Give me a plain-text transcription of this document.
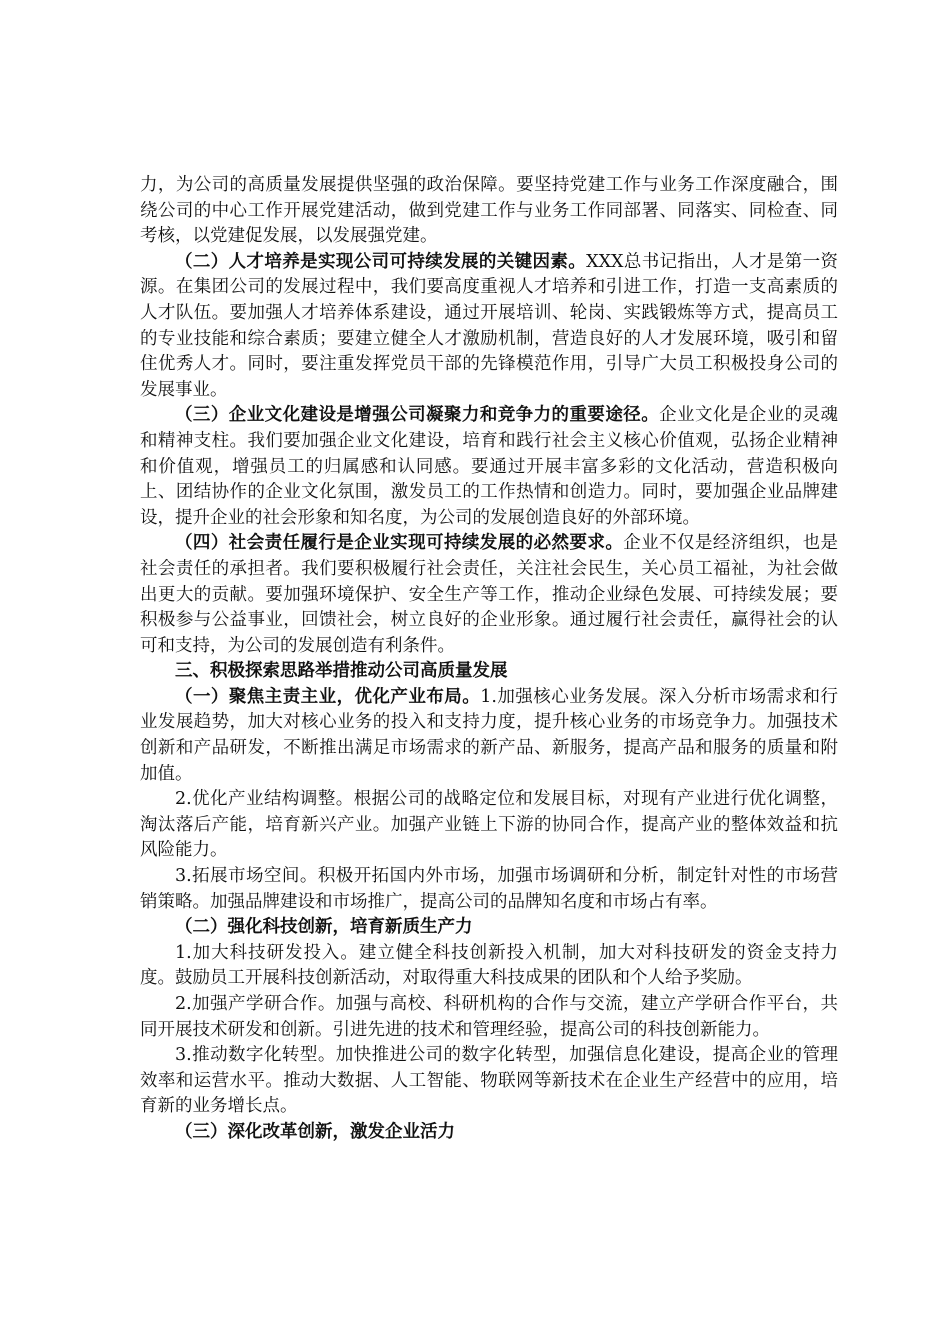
力，为公司的高质量发展提供坚强的政治保障。要坚持党建工作与业务工作深度融合，围绕公司的中心工作开展党建活动，做到党建工作与业务工作同部署、同落实、同检查、同考核，以党建促发展，以发展强党建。

（二）人才培养是实现公司可持续发展的关键因素。XXX总书记指出，人才是第一资源。在集团公司的发展过程中，我们要高度重视人才培养和引进工作，打造一支高素质的人才队伍。要加强人才培养体系建设，通过开展培训、轮岗、实践锻炼等方式，提高员工的专业技能和综合素质；要建立健全人才激励机制，营造良好的人才发展环境，吸引和留住优秀人才。同时，要注重发挥党员干部的先锋模范作用，引导广大员工积极投身公司的发展事业。

（三）企业文化建设是增强公司凝聚力和竞争力的重要途径。企业文化是企业的灵魂和精神支柱。我们要加强企业文化建设，培育和践行社会主义核心价值观，弘扬企业精神和价值观，增强员工的归属感和认同感。要通过开展丰富多彩的文化活动，营造积极向上、团结协作的企业文化氛围，激发员工的工作热情和创造力。同时，要加强企业品牌建设，提升企业的社会形象和知名度，为公司的发展创造良好的外部环境。

（四）社会责任履行是企业实现可持续发展的必然要求。企业不仅是经济组织，也是社会责任的承担者。我们要积极履行社会责任，关注社会民生，关心员工福祉，为社会做出更大的贡献。要加强环境保护、安全生产等工作，推动企业绿色发展、可持续发展；要积极参与公益事业，回馈社会，树立良好的企业形象。通过履行社会责任，赢得社会的认可和支持，为公司的发展创造有利条件。

三、积极探索思路举措推动公司高质量发展

（一）聚焦主责主业，优化产业布局。1.加强核心业务发展。深入分析市场需求和行业发展趋势，加大对核心业务的投入和支持力度，提升核心业务的市场竞争力。加强技术创新和产品研发，不断推出满足市场需求的新产品、新服务，提高产品和服务的质量和附加值。

2.优化产业结构调整。根据公司的战略定位和发展目标，对现有产业进行优化调整，淘汰落后产能，培育新兴产业。加强产业链上下游的协同合作，提高产业的整体效益和抗风险能力。

3.拓展市场空间。积极开拓国内外市场，加强市场调研和分析，制定针对性的市场营销策略。加强品牌建设和市场推广，提高公司的品牌知名度和市场占有率。

（二）强化科技创新，培育新质生产力

1.加大科技研发投入。建立健全科技创新投入机制，加大对科技研发的资金支持力度。鼓励员工开展科技创新活动，对取得重大科技成果的团队和个人给予奖励。

2.加强产学研合作。加强与高校、科研机构的合作与交流，建立产学研合作平台，共同开展技术研发和创新。引进先进的技术和管理经验，提高公司的科技创新能力。

3.推动数字化转型。加快推进公司的数字化转型，加强信息化建设，提高企业的管理效率和运营水平。推动大数据、人工智能、物联网等新技术在企业生产经营中的应用，培育新的业务增长点。

（三）深化改革创新，激发企业活力
